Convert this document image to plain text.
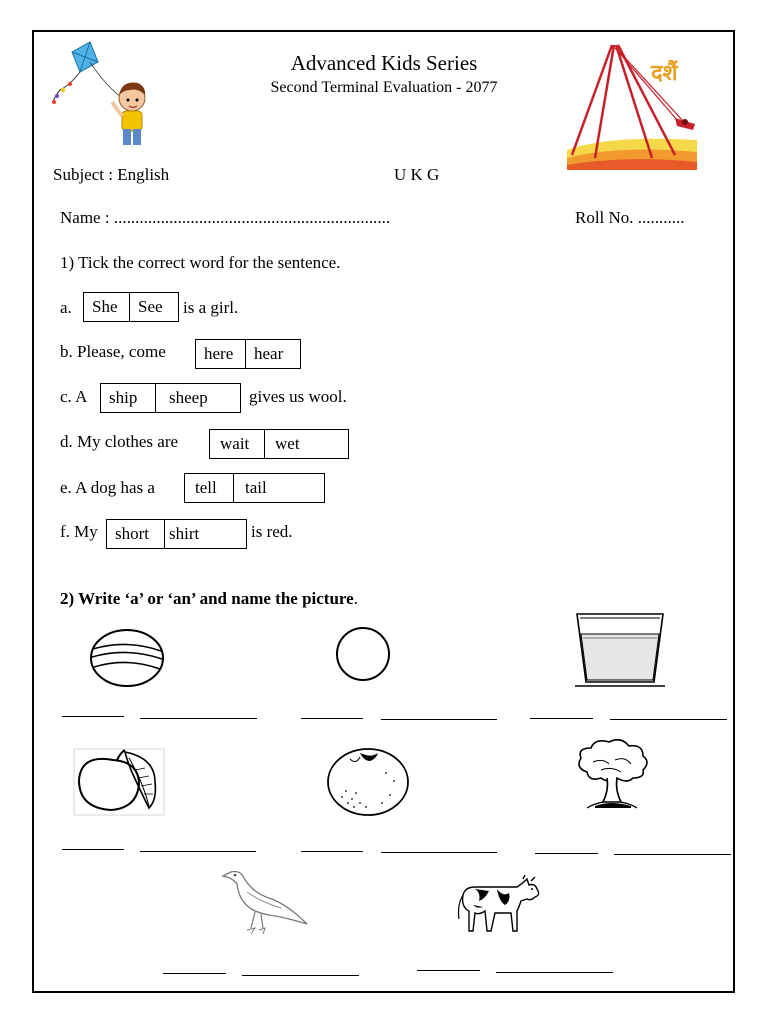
दशैं
Advanced Kids Series
Second Terminal Evaluation - 2077
Subject : English	U K G
Name : .................................................................	Roll No. ...........
1) Tick the correct word for the sentence.
a.	She	See	is a girl.
b. Please, come	here	hear
c. A	ship	sheep	gives us wool.
d. My clothes are	wait	wet
e. A dog has a	tell	tail
f. My	short	shirt	is red.
2) Write ‘a’ or ‘an’ and name the picture.
